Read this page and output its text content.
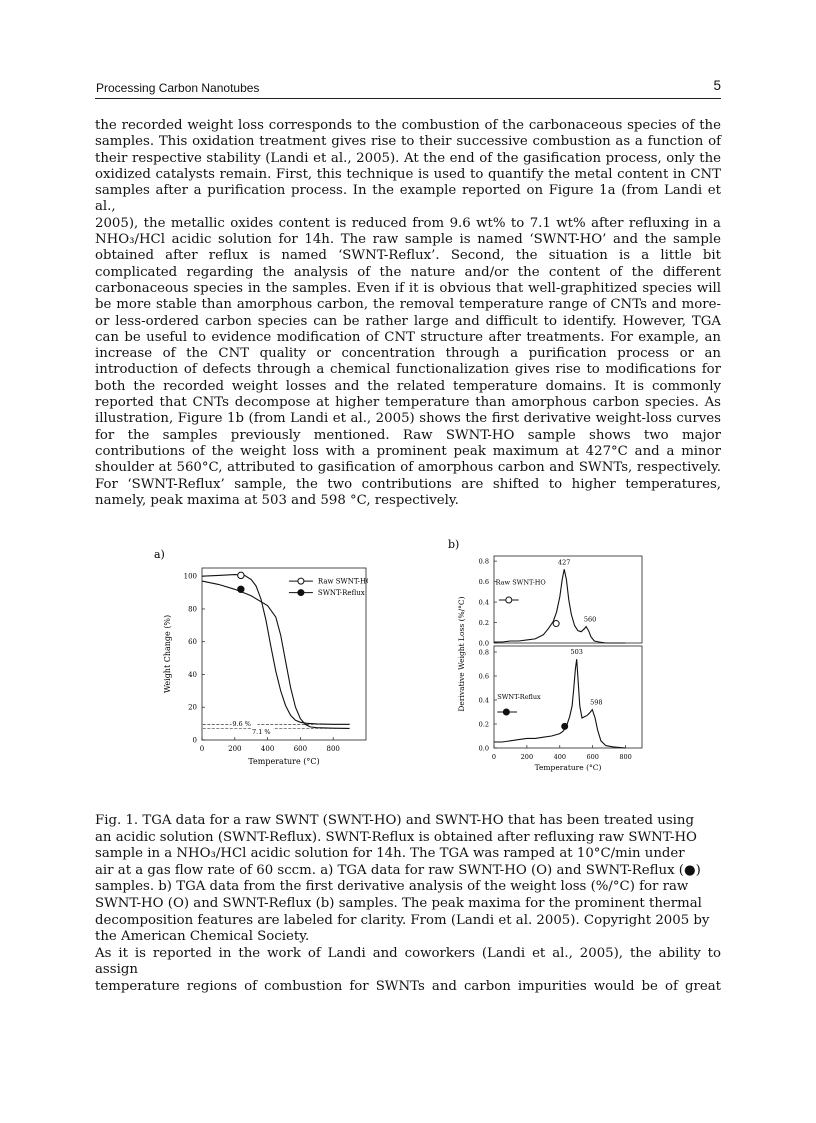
Processing Carbon Nanotubes	5
the recorded weight loss corresponds to the combustion of the carbonaceous species of the
samples. This oxidation treatment gives rise to their successive combustion as a function of
their respective stability (Landi et al., 2005). At the end of the gasification process, only the
oxidized catalysts remain. First, this technique is used to quantify the metal content in CNT
samples after a purification process. In the example reported on Figure 1a (from Landi et al.,
2005), the metallic oxides content is reduced from 9.6 wt% to 7.1 wt% after refluxing in a
NHO₃/HCl acidic solution for 14h. The raw sample is named ‘SWNT-HO’ and the sample
obtained after reflux is named ‘SWNT-Reflux’. Second, the situation is a little bit
complicated regarding the analysis of the nature and/or the content of the different
carbonaceous species in the samples. Even if it is obvious that well-graphitized species will
be more stable than amorphous carbon, the removal temperature range of CNTs and more-
or less-ordered carbon species can be rather large and difficult to identify. However, TGA
can be useful to evidence modification of CNT structure after treatments. For example, an
increase of the CNT quality or concentration through a purification process or an
introduction of defects through a chemical functionalization gives rise to modifications for
both the recorded weight losses and the related temperature domains. It is commonly
reported that CNTs decompose at higher temperature than amorphous carbon species. As
illustration, Figure 1b (from Landi et al., 2005) shows the first derivative weight-loss curves
for the samples previously mentioned. Raw SWNT-HO sample shows two major
contributions of the weight loss with a prominent peak maximum at 427°C and a minor
shoulder at 560°C, attributed to gasification of amorphous carbon and SWNTs, respectively.
For ‘SWNT-Reflux’ sample, the two contributions are shifted to higher temperatures,
namely, peak maxima at 503 and 598 °C, respectively.
a)
0	200	400	600	800
0
20
40
60
80
100
Temperature (°C)
Weight Change (%)
Raw SWNT-HO
SWNT-Reflux
9.6 %
7.1 %
b)
0.0
0.2
0.4
0.6
0.8
0.0
0.2
0.4
0.6
0.8
0	200	400	600	800
Temperature (°C)
Derivative Weight Loss (%/°C)
427
560
503
598
Raw SWNT-HO
SWNT-Reflux
Fig. 1. TGA data for a raw SWNT (SWNT-HO) and SWNT-HO that has been treated using
an acidic solution (SWNT-Reflux). SWNT-Reflux is obtained after refluxing raw SWNT-HO
sample in a NHO₃/HCl acidic solution for 14h. The TGA was ramped at 10°C/min under
air at a gas flow rate of 60 sccm. a) TGA data for raw SWNT-HO (O) and SWNT-Reflux (●)
samples. b) TGA data from the first derivative analysis of the weight loss (%/°C) for raw
SWNT-HO (O) and SWNT-Reflux (b) samples. The peak maxima for the prominent thermal
decomposition features are labeled for clarity. From (Landi et al. 2005). Copyright 2005 by
the American Chemical Society.
As it is reported in the work of Landi and coworkers (Landi et al., 2005), the ability to assign
temperature regions of combustion for SWNTs and carbon impurities would be of great
